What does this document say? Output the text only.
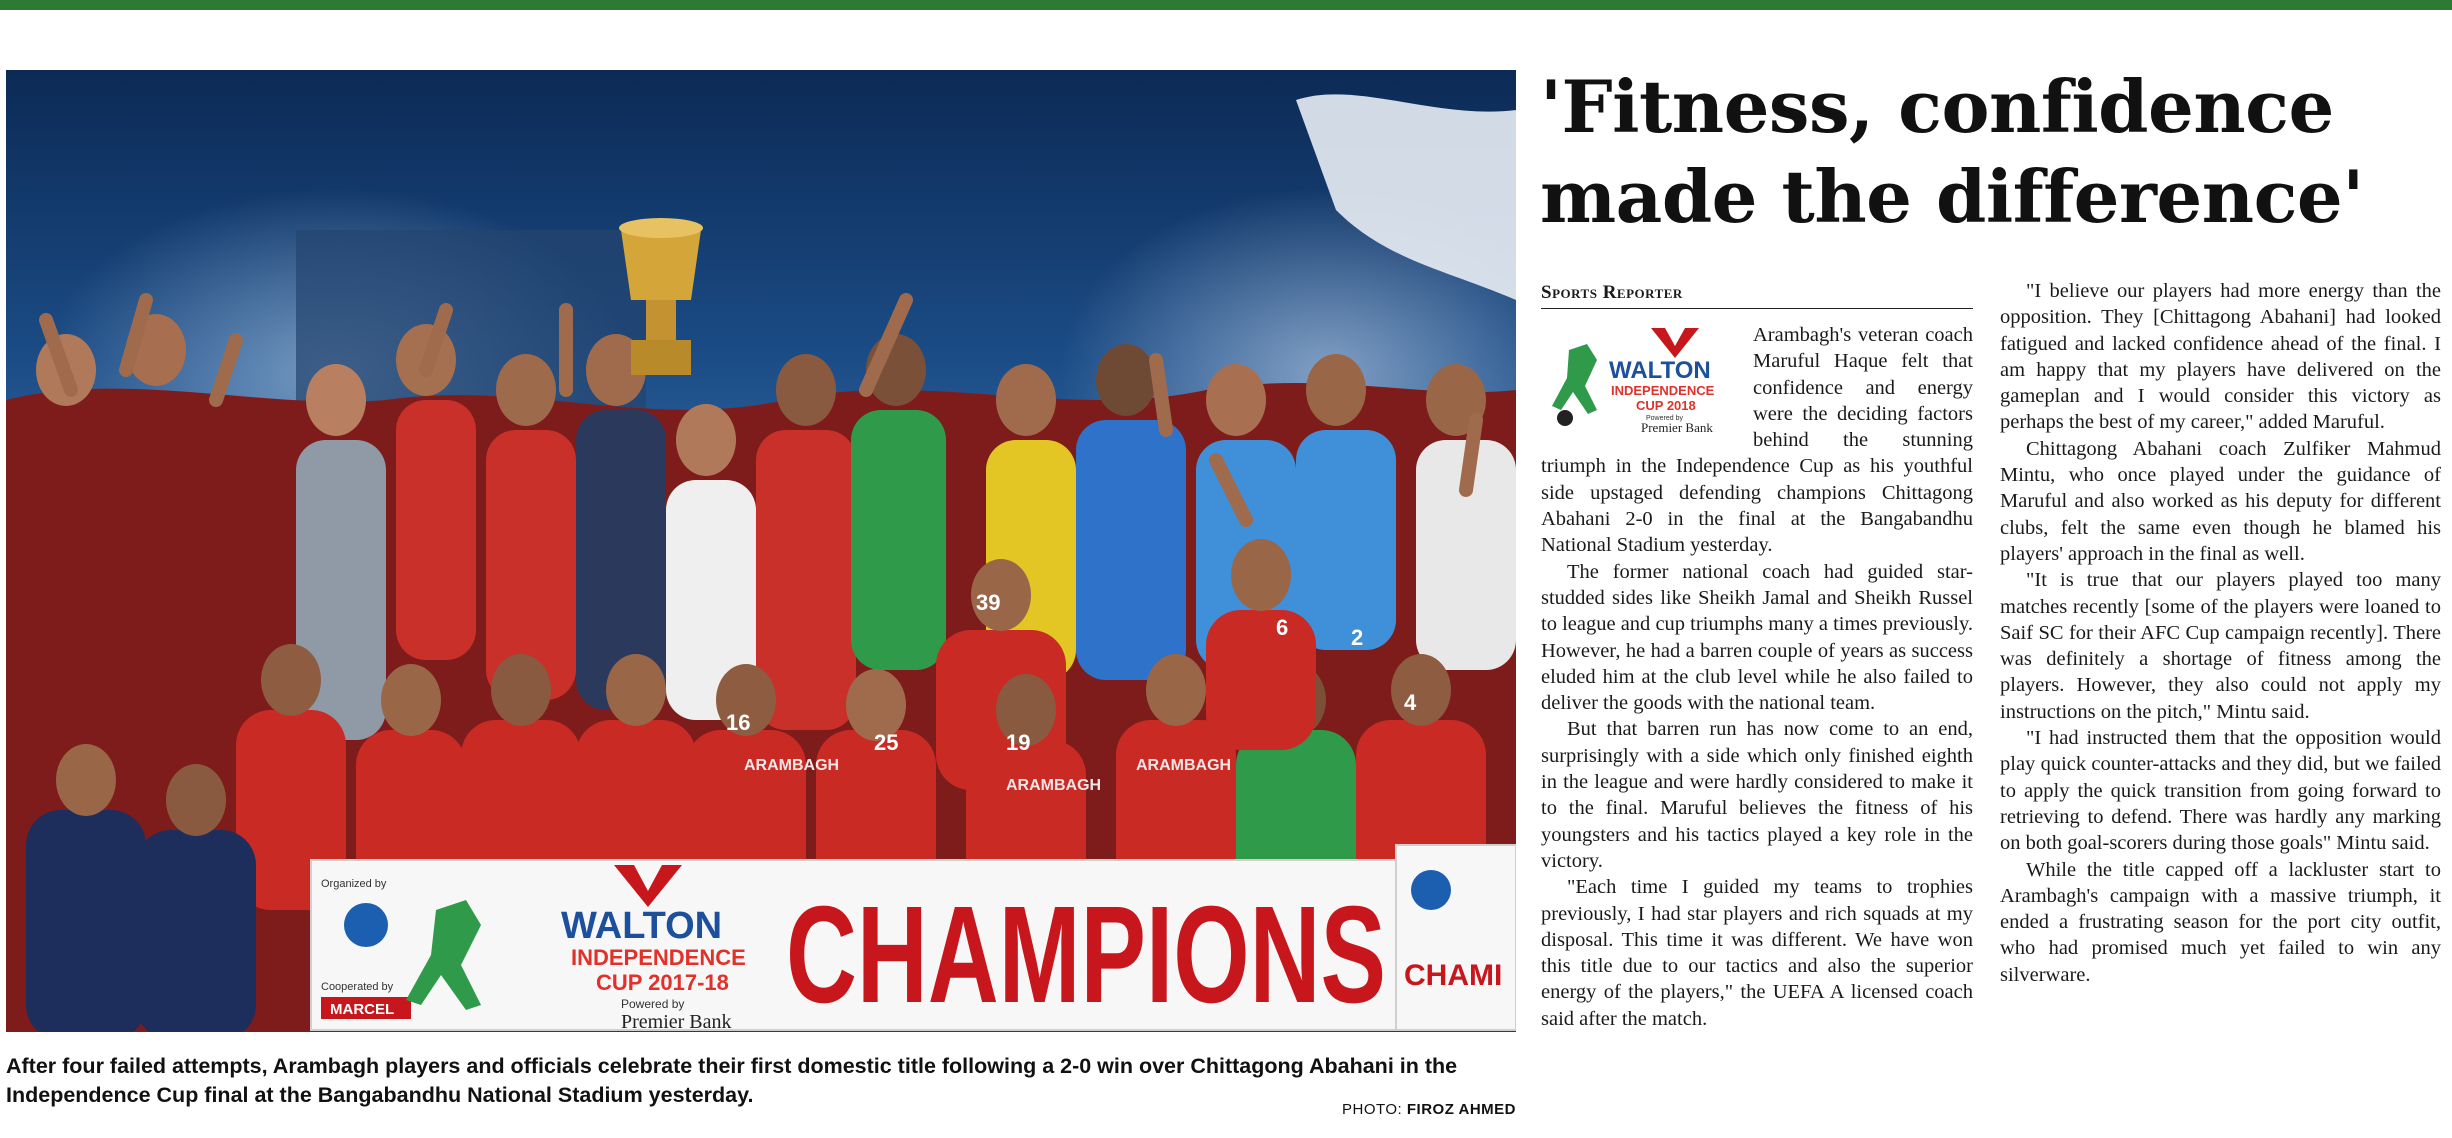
39
16
25	19
6	2
4
ARAMBAGH
ARAMBAGH
ARAMBAGH
Organized by
Cooperated by
MARCEL
WALTON
INDEPENDENCE
CUP 2017-18
Powered by
Premier Bank CHAMPIONS CHAMI
After four failed attempts, Arambagh players and officials celebrate their first domestic title following a 2-0 win over Chittagong Abahani in the Independence Cup final at the Bangabandhu National Stadium yesterday.
PHOTO: FIROZ AHMED
'Fitness, confidence
made the difference'
Sports Reporter
WALTON
INDEPENDENCE
CUP 2018
Powered by
Premier Bank

Arambagh's veteran coach Maruful Haque felt that confidence and energy were the deciding factors behind the stunning triumph in the Independence Cup as his youthful side upstaged defending champions Chittagong Abahani 2-0 in the final at the Bangabandhu National Stadium yesterday.

The former national coach had guided star-studded sides like Sheikh Jamal and Sheikh Russel to league and cup triumphs many a times previously. However, he had a barren couple of years as success eluded him at the club level while he also failed to deliver the goods with the national team.

But that barren run has now come to an end, surprisingly with a side which only finished eighth in the league and were hardly considered to make it to the final. Maruful believes the fitness of his youngsters and his tactics played a key role in the victory.

"Each time I guided my teams to trophies previously, I had star players and rich squads at my disposal. This time it was different. We have won this title due to our tactics and also the superior energy of the players," the UEFA A licensed coach said after the match.

"I believe our players had more energy than the opposition. They [Chittagong Abahani] had looked fatigued and lacked confidence ahead of the final. I am happy that my players have delivered on the gameplan and I would consider this victory as perhaps the best of my career," added Maruful.

Chittagong Abahani coach Zulfiker Mahmud Mintu, who once played under the guidance of Maruful and also worked as his deputy for different clubs, felt the same even though he blamed his players' approach in the final as well.

"It is true that our players played too many matches recently [some of the players were loaned to Saif SC for their AFC Cup campaign recently]. There was definitely a shortage of fitness among the players. However, they also could not apply my instructions on the pitch," Mintu said.

"I had instructed them that the opposition would play quick counter-attacks and they did, but we failed to apply the quick transition from going forward to retrieving to defend. There was hardly any marking on both goal-scorers during those goals" Mintu said.

While the title capped off a lackluster start to Arambagh's campaign with a massive triumph, it ended a frustrating season for the port city outfit, who had promised much yet failed to win any silverware.
